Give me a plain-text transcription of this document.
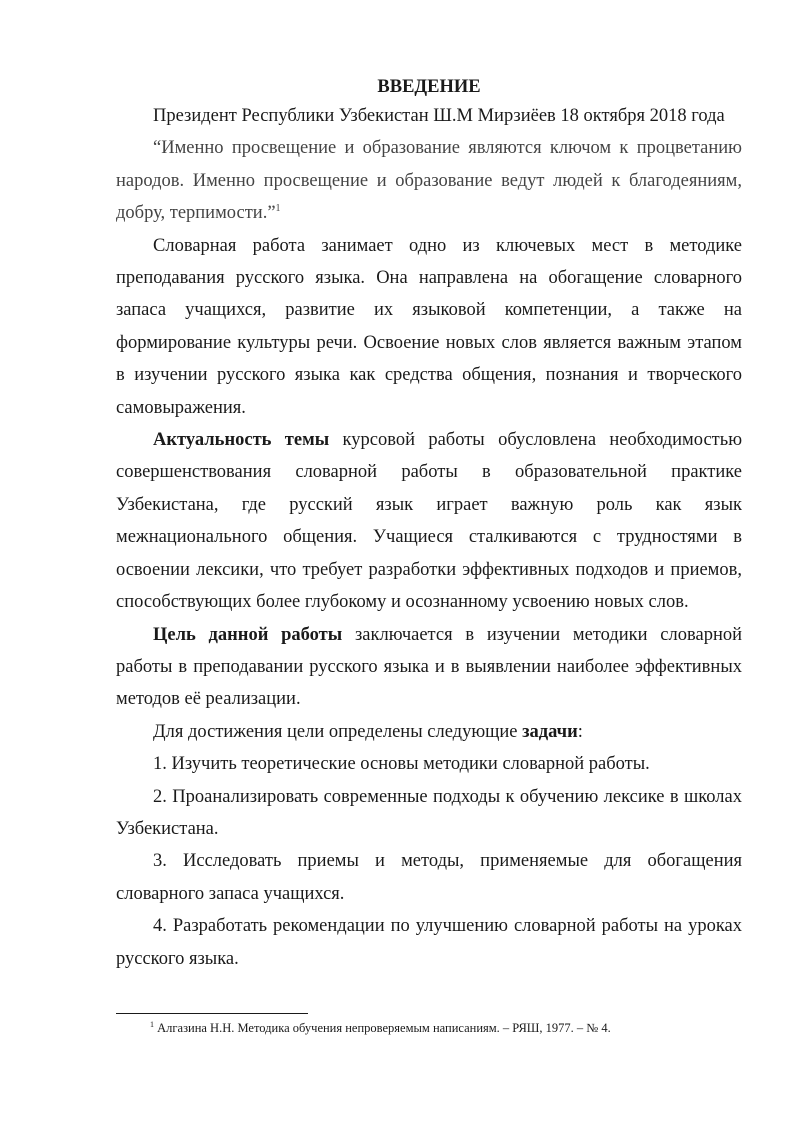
ВВЕДЕНИЕ

Президент Республики Узбекистан Ш.М Мирзиёев 18 октября 2018 года

“Именно просвещение и образование являются ключом к процветанию народов. Именно просвещение и образование ведут людей к благодеяниям, добру, терпимости.”$^1$

Словарная работа занимает одно из ключевых мест в методике преподавания русского языка. Она направлена на обогащение словарного запаса учащихся, развитие их языковой компетенции, а также на формирование культуры речи. Освоение новых слов является важным этапом в изучении русского языка как средства общения, познания и творческого самовыражения.

Актуальность темы курсовой работы обусловлена необходимостью совершенствования словарной работы в образовательной практике Узбекистана, где русский язык играет важную роль как язык межнационального общения. Учащиеся сталкиваются с трудностями в освоении лексики, что требует разработки эффективных подходов и приемов, способствующих более глубокому и осознанному усвоению новых слов.

Цель данной работы заключается в изучении методики словарной работы в преподавании русского языка и в выявлении наиболее эффективных методов её реализации.

Для достижения цели определены следующие задачи:

1. Изучить теоретические основы методики словарной работы.

2. Проанализировать современные подходы к обучению лексике в школах Узбекистана.

3. Исследовать приемы и методы, применяемые для обогащения словарного запаса учащихся.

4. Разработать рекомендации по улучшению словарной работы на уроках русского языка.

$^1$ Алгазина Н.Н. Методика обучения непроверяемым написаниям. – РЯШ, 1977. – № 4.
